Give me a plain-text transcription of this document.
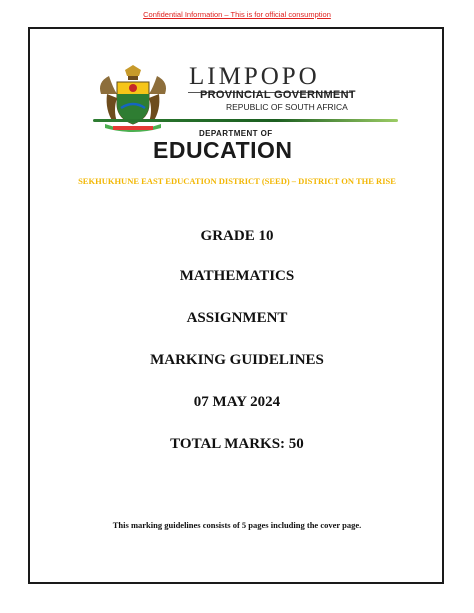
Confidential Information – This is for official consumption
LIMPOPO
PROVINCIAL GOVERNMENT
REPUBLIC OF SOUTH AFRICA
DEPARTMENT OF
EDUCATION
SEKHUKHUNE EAST EDUCATION DISTRICT (SEED) – DISTRICT ON THE RISE
GRADE 10
MATHEMATICS
ASSIGNMENT
MARKING GUIDELINES
07 MAY 2024
TOTAL MARKS: 50
This marking guidelines consists of 5 pages including the cover page.
